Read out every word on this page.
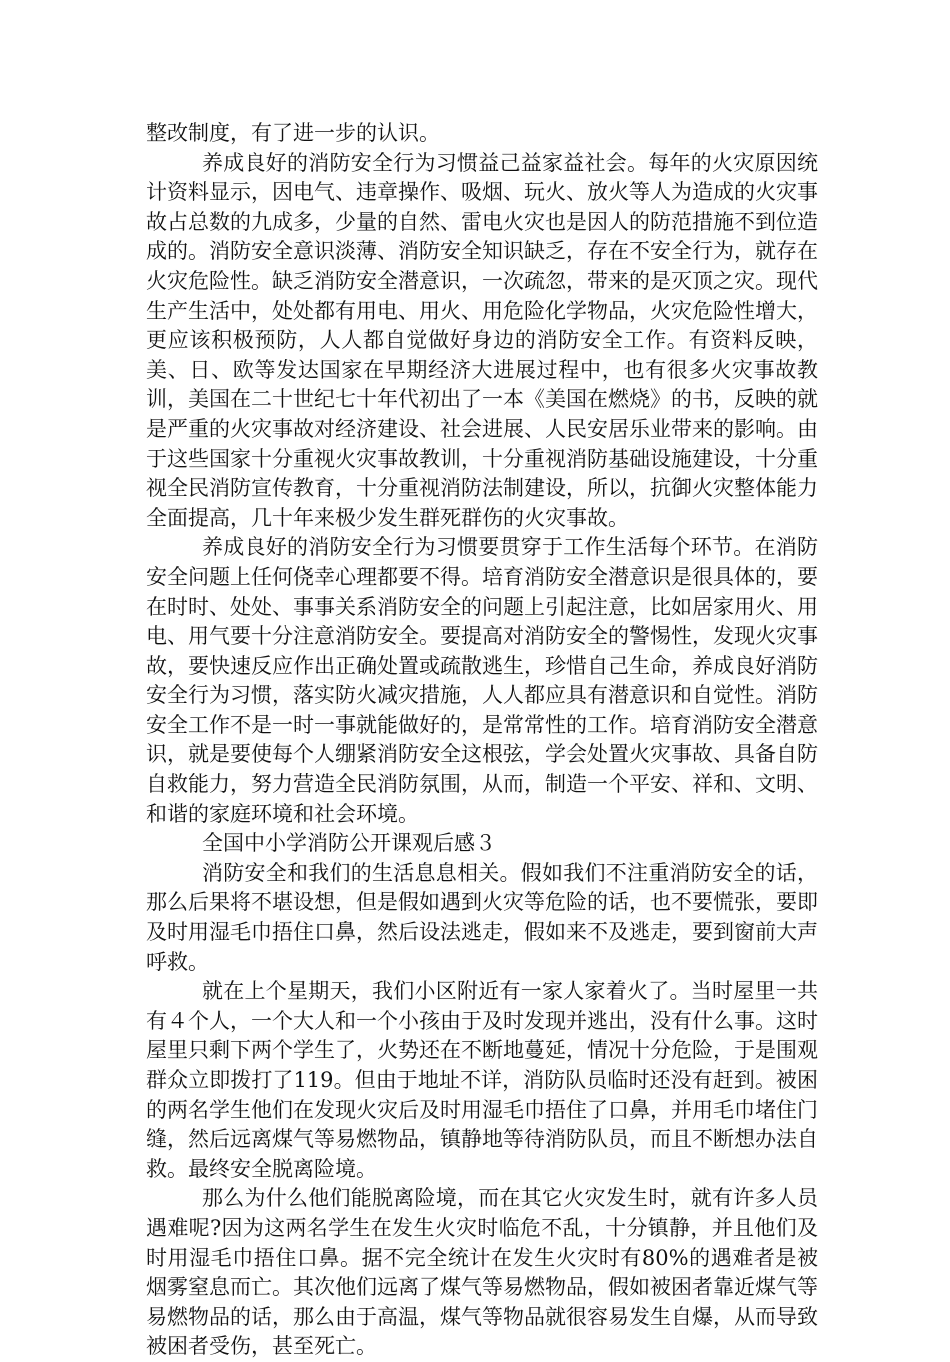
整改制度，有了进一步的认识。

养成良好的消防安全行为习惯益己益家益社会。每年的火灾原因统计资料显示，因电气、违章操作、吸烟、玩火、放火等人为造成的火灾事故占总数的九成多，少量的自然、雷电火灾也是因人的防范措施不到位造成的。消防安全意识淡薄、消防安全知识缺乏，存在不安全行为，就存在火灾危险性。缺乏消防安全潜意识，一次疏忽，带来的是灭顶之灾。现代生产生活中，处处都有用电、用火、用危险化学物品，火灾危险性增大，更应该积极预防，人人都自觉做好身边的消防安全工作。有资料反映，美、日、欧等发达国家在早期经济大进展过程中，也有很多火灾事故教训，美国在二十世纪七十年代初出了一本《美国在燃烧》的书，反映的就是严重的火灾事故对经济建设、社会进展、人民安居乐业带来的影响。由于这些国家十分重视火灾事故教训，十分重视消防基础设施建设，十分重视全民消防宣传教育，十分重视消防法制建设，所以，抗御火灾整体能力全面提高，几十年来极少发生群死群伤的火灾事故。

养成良好的消防安全行为习惯要贯穿于工作生活每个环节。在消防安全问题上任何侥幸心理都要不得。培育消防安全潜意识是很具体的，要在时时、处处、事事关系消防安全的问题上引起注意，比如居家用火、用电、用气要十分注意消防安全。要提高对消防安全的警惕性，发现火灾事故，要快速反应作出正确处置或疏散逃生，珍惜自己生命，养成良好消防安全行为习惯，落实防火减灾措施，人人都应具有潜意识和自觉性。消防安全工作不是一时一事就能做好的，是常常性的工作。培育消防安全潜意识，就是要使每个人绷紧消防安全这根弦，学会处置火灾事故、具备自防自救能力，努力营造全民消防氛围，从而，制造一个平安、祥和、文明、和谐的家庭环境和社会环境。

全国中小学消防公开课观后感３

消防安全和我们的生活息息相关。假如我们不注重消防安全的话，那么后果将不堪设想，但是假如遇到火灾等危险的话，也不要慌张，要即及时用湿毛巾捂住口鼻，然后设法逃走，假如来不及逃走，要到窗前大声呼救。

就在上个星期天，我们小区附近有一家人家着火了。当时屋里一共有４个人，一个大人和一个小孩由于及时发现并逃出，没有什么事。这时屋里只剩下两个学生了，火势还在不断地蔓延，情况十分危险，于是围观群众立即拨打了119。但由于地址不详，消防队员临时还没有赶到。被困的两名学生他们在发现火灾后及时用湿毛巾捂住了口鼻，并用毛巾堵住门缝，然后远离煤气等易燃物品，镇静地等待消防队员，而且不断想办法自救。最终安全脱离险境。

那么为什么他们能脱离险境，而在其它火灾发生时，就有许多人员遇难呢?因为这两名学生在发生火灾时临危不乱，十分镇静，并且他们及时用湿毛巾捂住口鼻。据不完全统计在发生火灾时有80%的遇难者是被烟雾窒息而亡。其次他们远离了煤气等易燃物品，假如被困者靠近煤气等易燃物品的话，那么由于高温，煤气等物品就很容易发生自爆，从而导致被困者受伤，甚至死亡。
